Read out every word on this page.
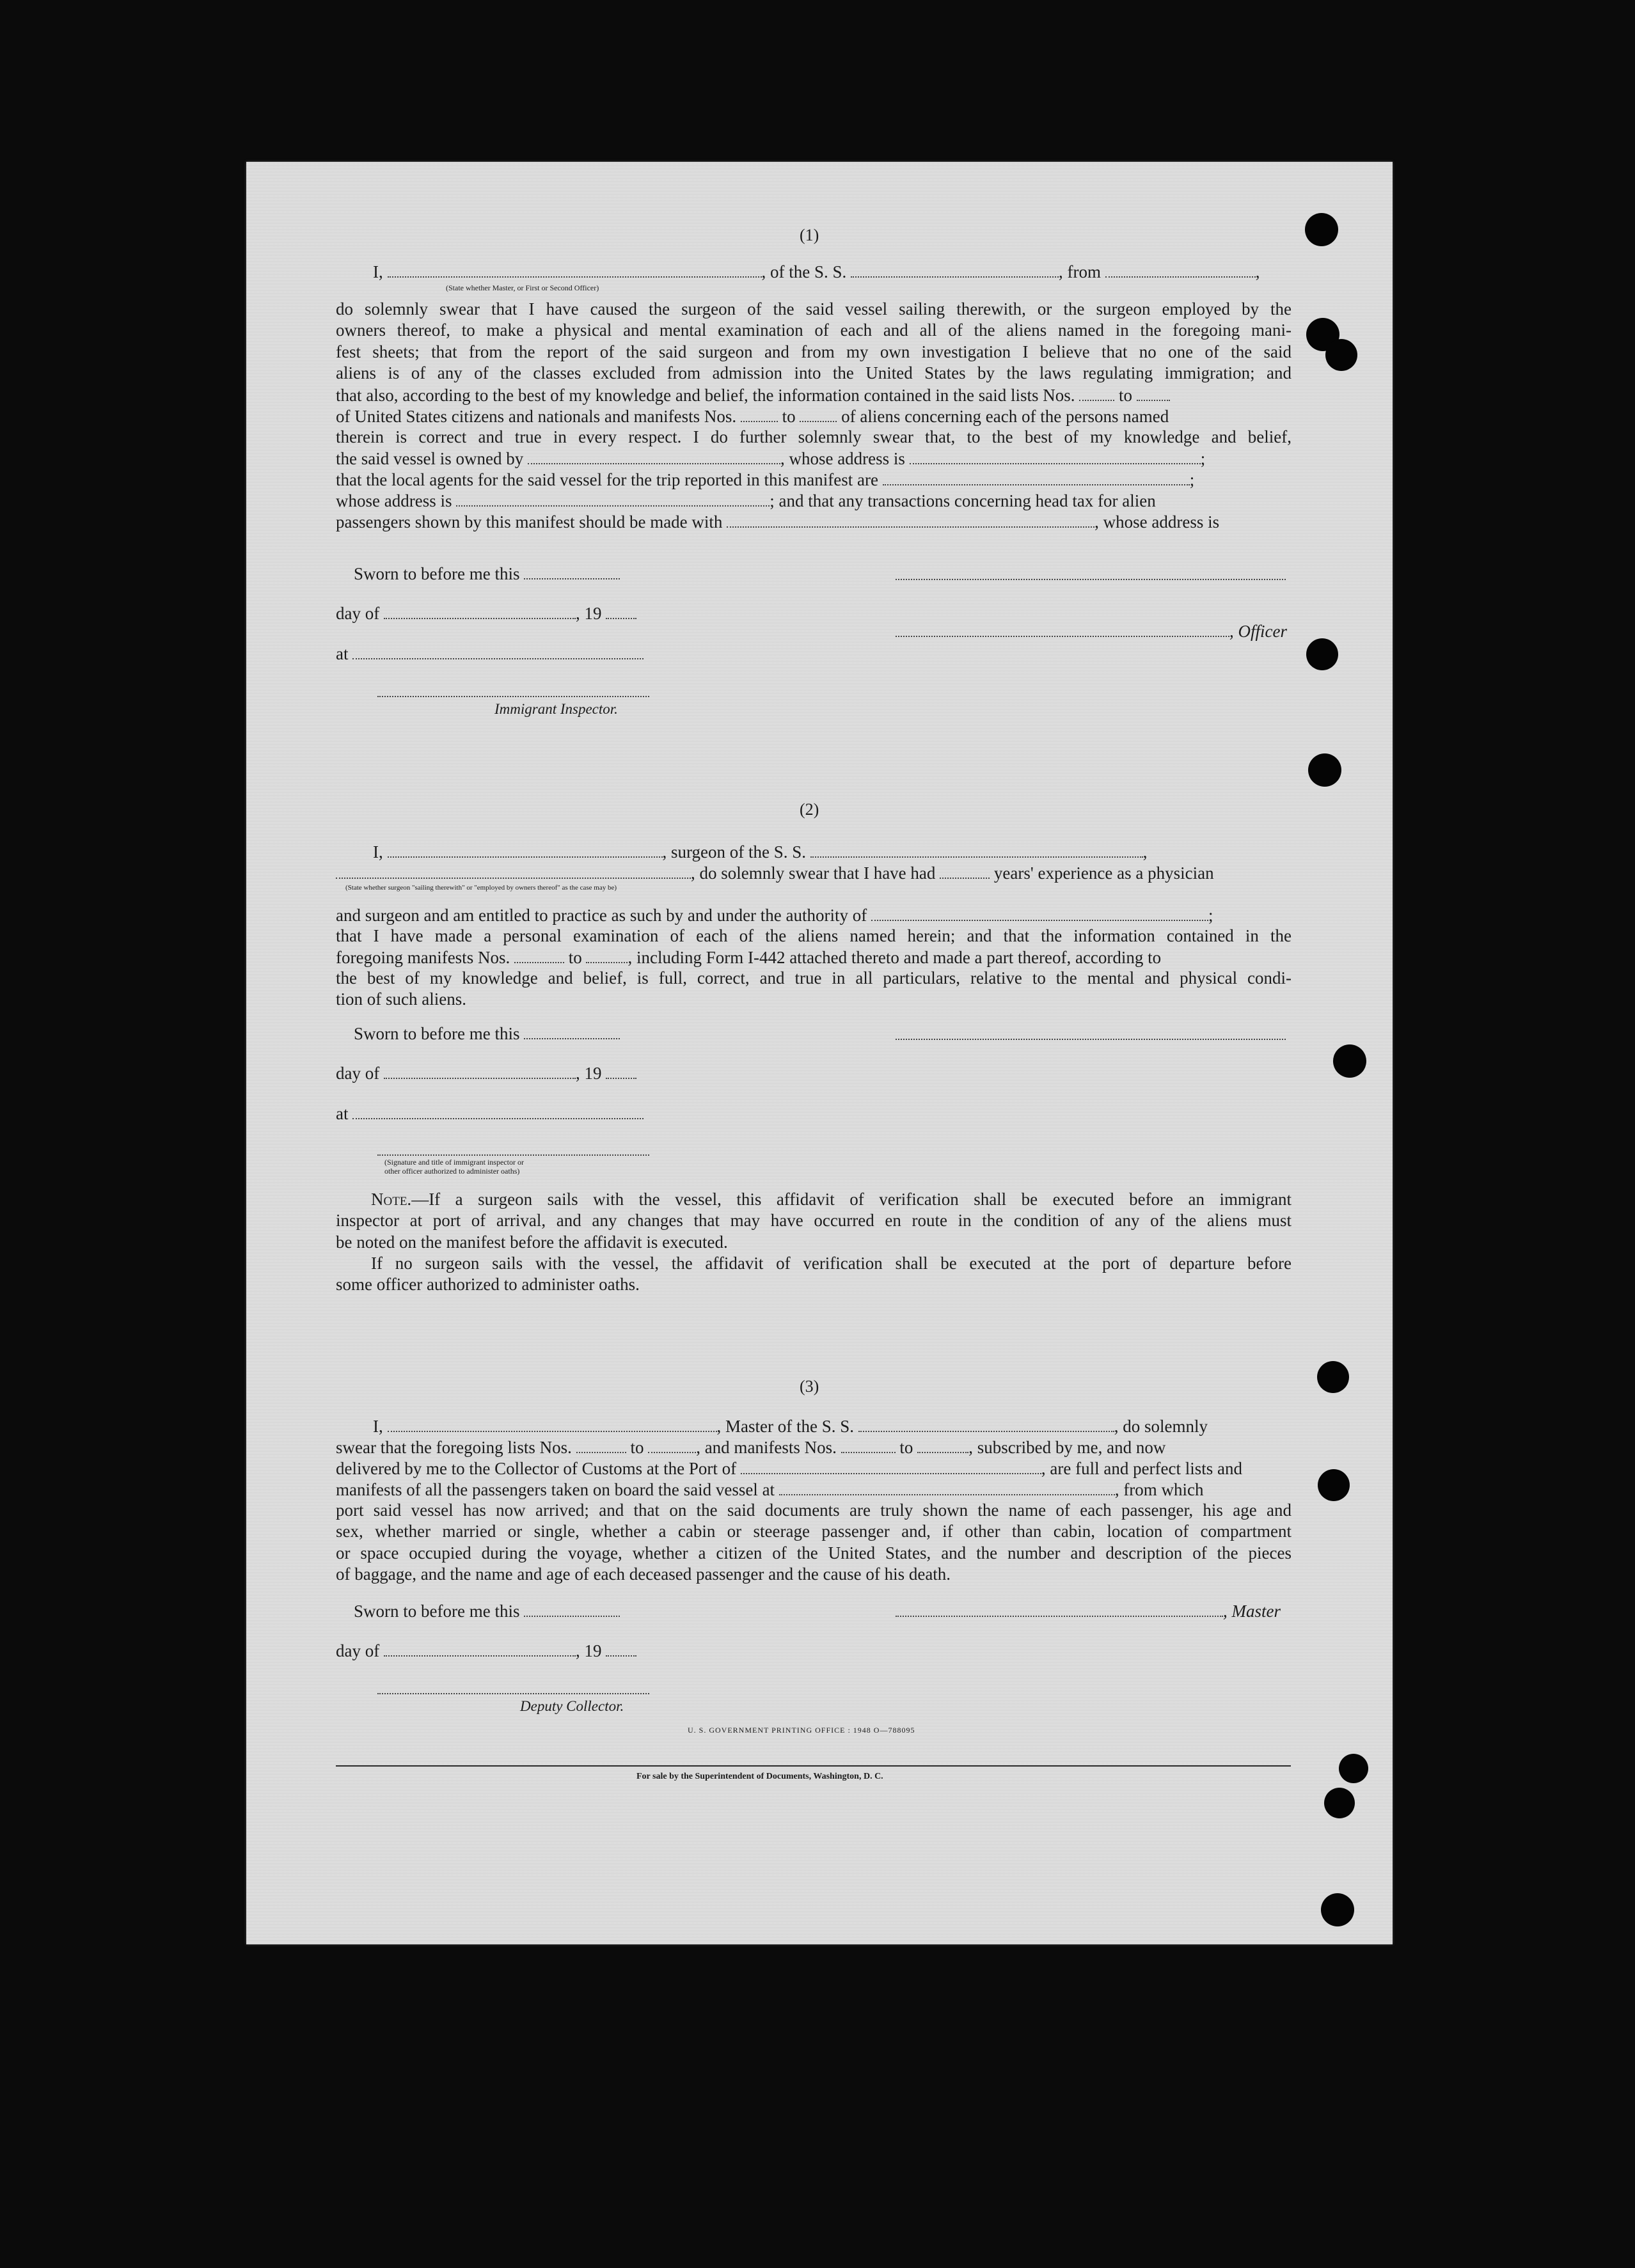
(1)
I,	, of the S. S.	, from	,
(State whether Master, or First or Second Officer)
do solemnly swear that I have caused the surgeon of the said vessel sailing therewith, or the surgeon employed by the
owners thereof, to make a physical and mental examination of each and all of the aliens named in the foregoing mani-
fest sheets; that from the report of the said surgeon and from my own investigation I believe that no one of the said
aliens is of any of the classes excluded from admission into the United States by the laws regulating immigration; and
that also, according to the best of my knowledge and belief, the information contained in the said lists Nos.	to
of United States citizens and nationals and manifests Nos.	to	of aliens concerning each of the persons named
therein is correct and true in every respect. I do further solemnly swear that, to the best of my knowledge and belief,
the said vessel is owned by	, whose address is	;
that the local agents for the said vessel for the trip reported in this manifest are	;
whose address is	; and that any transactions concerning head tax for alien
passengers shown by this manifest should be made with	, whose address is
Sworn to before me this
day of	, 19
, Officer
at
Immigrant Inspector.
(2)
I,	, surgeon of the S. S.	,
, do solemnly swear that I have had	years' experience as a physician
(State whether surgeon "sailing therewith" or "employed by owners thereof" as the case may be)
and surgeon and am entitled to practice as such by and under the authority of	;
that I have made a personal examination of each of the aliens named herein; and that the information contained in the
foregoing manifests Nos.	to	, including Form I-442 attached thereto and made a part thereof, according to
the best of my knowledge and belief, is full, correct, and true in all particulars, relative to the mental and physical condi-
tion of such aliens.
Sworn to before me this
day of	, 19
at
(Signature and title of immigrant inspector or
other officer authorized to administer oaths)
Note.—If a surgeon sails with the vessel, this affidavit of verification shall be executed before an immigrant
inspector at port of arrival, and any changes that may have occurred en route in the condition of any of the aliens must
be noted on the manifest before the affidavit is executed.
If no surgeon sails with the vessel, the affidavit of verification shall be executed at the port of departure before
some officer authorized to administer oaths.
(3)
I,	, Master of the S. S.	, do solemnly
swear that the foregoing lists Nos.	to	, and manifests Nos.	to	, subscribed by me, and now
delivered by me to the Collector of Customs at the Port of	, are full and perfect lists and
manifests of all the passengers taken on board the said vessel at	, from which
port said vessel has now arrived; and that on the said documents are truly shown the name of each passenger, his age and
sex, whether married or single, whether a cabin or steerage passenger and, if other than cabin, location of compartment
or space occupied during the voyage, whether a citizen of the United States, and the number and description of the pieces
of baggage, and the name and age of each deceased passenger and the cause of his death.
Sworn to before me this	, Master
day of	, 19
Deputy Collector.
U. S. GOVERNMENT PRINTING OFFICE : 1948 O—788095
For sale by the Superintendent of Documents, Washington, D. C.
